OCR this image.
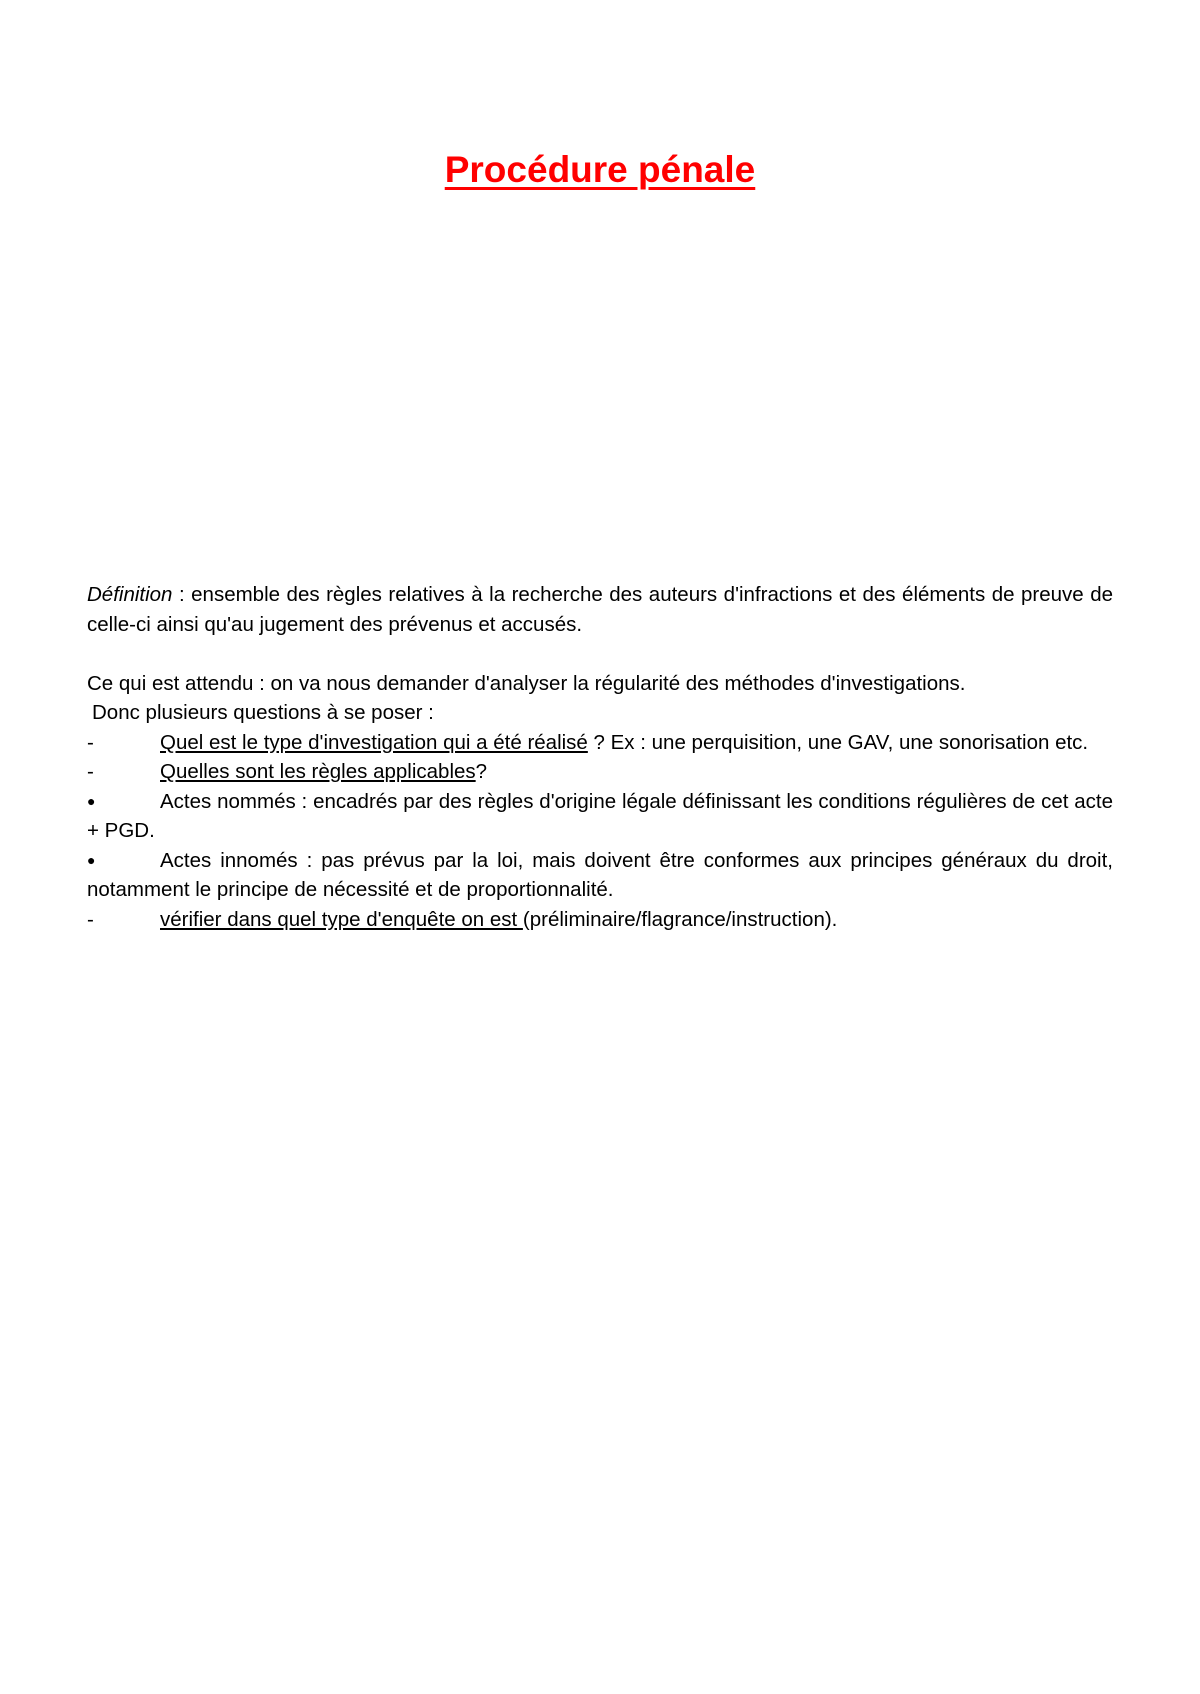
Procédure pénale

Définition : ensemble des règles relatives à la recherche des auteurs d'infractions et des éléments de preuve de celle-ci ainsi qu'au jugement des prévenus et accusés.

Ce qui est attendu : on va nous demander d'analyser la régularité des méthodes d'investigations.

Donc plusieurs questions à se poser :

-	Quel est le type d'investigation qui a été réalisé ? Ex : une perquisition, une GAV, une sonorisation etc.

-	Quelles sont les règles applicables?

●	Actes nommés : encadrés par des règles d'origine légale définissant les conditions régulières de cet acte + PGD.

●	Actes innomés : pas prévus par la loi, mais doivent être conformes aux principes généraux du droit, notamment le principe de nécessité et de proportionnalité.

-	vérifier dans quel type d'enquête on est (préliminaire/flagrance/instruction).
